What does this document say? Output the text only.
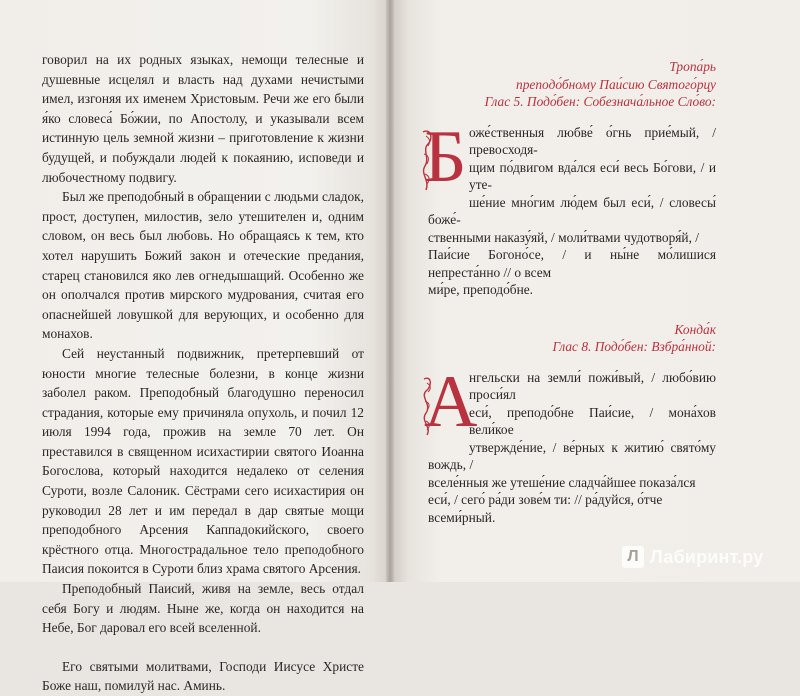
говорил на их родных языках, немощи телесные и душевные исцелял и власть над духами нечистыми имел, изгоняя их именем Христовым. Речи же его были я́ко словеса́ Бо́жии, по Апостолу, и указывали всем истинную цель земной жизни – приготовление к жизни будущей, и побуждали людей к покаянию, исповеди и любочестному подвигу.

Был же преподобный в обращении с людьми сладок, прост, доступен, милостив, зело утешителен и, одним словом, он весь был любовь. Но обращаясь к тем, кто хотел нарушить Божий закон и отеческие предания, старец становился яко лев огнедышащий. Особенно же он ополчался против мирского мудрования, считая его опаснейшей ловушкой для верующих, и особенно для монахов.

Сей неустанный подвижник, претерпевший от юности многие телесные болезни, в конце жизни заболел раком. Преподобный благодушно переносил страдания, которые ему причиняла опухоль, и почил 12 июля 1994 года, прожив на земле 70 лет. Он преставился в священном исихастирии святого Иоанна Богослова, который находится недалеко от селения Суроти, возле Салоник. Сёстрами сего исихастирия он руководил 28 лет и им передал в дар святые мощи преподобного Арсения Каппадокийского, своего крёстного отца. Многострадальное тело преподобного Паисия покоится в Суроти близ храма святого Арсения.

Преподобный Паисий, живя на земле, весь отдал себя Богу и людям. Ныне же, когда он находится на Небе, Бог даровал его всей вселенной.

Его святыми молитвами, Господи Иисусе Христе Боже наш, помилуй нас. Аминь.

Тропа́рь
преподо́бному Паи́сию Святого́рцу
Глас 5. Подо́бен: Собезнача́льное Сло́во:
Б оже́ственныя любве́ о́гнь прие́мый, / превосходя-
щим по́двигом вда́лся еси́ весь Бо́гови, / и уте-
ше́ние мно́гим лю́дем был еси́, / словесы́ боже́-
ственными наказу́яй, / моли́твами чудотворя́й, /
Паи́сие Богоно́се, / и ны́не мо́лишися непреста́нно // о всем
ми́ре, преподо́бне.
Конда́к
Глас 8. Подо́бен: Взбра́нной:
А
нгельски на земли́ пожи́вый, / любо́вию проси́ял
еси́, преподо́бне Паи́сие, / мона́хов вели́кое
утвержде́ние, / ве́рных к житию́ свято́му вождь, /
вселе́нныя же утеше́ние сладча́йшее показа́лся
еси́, / сего́ ра́ди зове́м ти: // ра́дуйся, о́тче всеми́рный.
Л Лабиринт.ру
